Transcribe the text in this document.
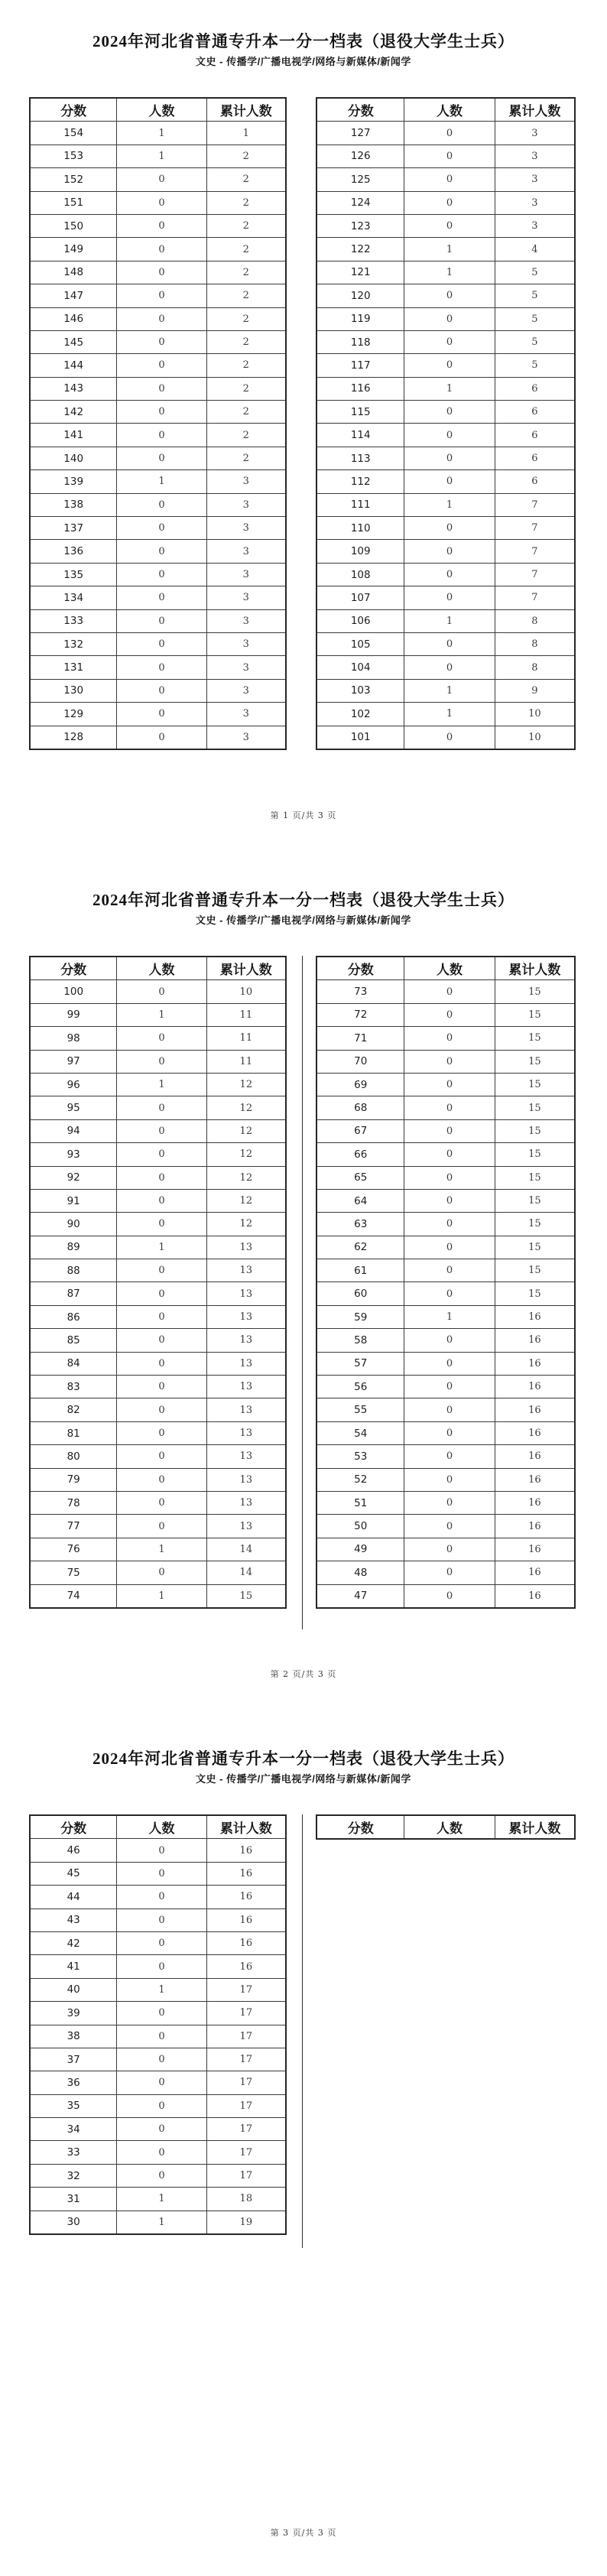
2024年河北省普通专升本一分一档表（退役大学生士兵）
文史 - 传播学/广播电视学/网络与新媒体/新闻学
分数	人数	累计人数
154	1	1
153	1	2
152	0	2
151	0	2
150	0	2
149	0	2
148	0	2
147	0	2
146	0	2
145	0	2
144	0	2
143	0	2
142	0	2
141	0	2
140	0	2
139	1	3
138	0	3
137	0	3
136	0	3
135	0	3
134	0	3
133	0	3
132	0	3
131	0	3
130	0	3
129	0	3
128	0	3
分数	人数	累计人数
127	0	3
126	0	3
125	0	3
124	0	3
123	0	3
122	1	4
121	1	5
120	0	5
119	0	5
118	0	5
117	0	5
116	1	6
115	0	6
114	0	6
113	0	6
112	0	6
111	1	7
110	0	7
109	0	7
108	0	7
107	0	7
106	1	8
105	0	8
104	0	8
103	1	9
102	1	10
101	0	10
第 1 页/共 3 页
2024年河北省普通专升本一分一档表（退役大学生士兵）
文史 - 传播学/广播电视学/网络与新媒体/新闻学
分数	人数	累计人数
100	0	10
99	1	11
98	0	11
97	0	11
96	1	12
95	0	12
94	0	12
93	0	12
92	0	12
91	0	12
90	0	12
89	1	13
88	0	13
87	0	13
86	0	13
85	0	13
84	0	13
83	0	13
82	0	13
81	0	13
80	0	13
79	0	13
78	0	13
77	0	13
76	1	14
75	0	14
74	1	15
分数	人数	累计人数
73	0	15
72	0	15
71	0	15
70	0	15
69	0	15
68	0	15
67	0	15
66	0	15
65	0	15
64	0	15
63	0	15
62	0	15
61	0	15
60	0	15
59	1	16
58	0	16
57	0	16
56	0	16
55	0	16
54	0	16
53	0	16
52	0	16
51	0	16
50	0	16
49	0	16
48	0	16
47	0	16
第 2 页/共 3 页
2024年河北省普通专升本一分一档表（退役大学生士兵）
文史 - 传播学/广播电视学/网络与新媒体/新闻学
分数	人数	累计人数
46	0	16
45	0	16
44	0	16
43	0	16
42	0	16
41	0	16
40	1	17
39	0	17
38	0	17
37	0	17
36	0	17
35	0	17
34	0	17
33	0	17
32	0	17
31	1	18
30	1	19
分数	人数	累计人数
第 3 页/共 3 页
